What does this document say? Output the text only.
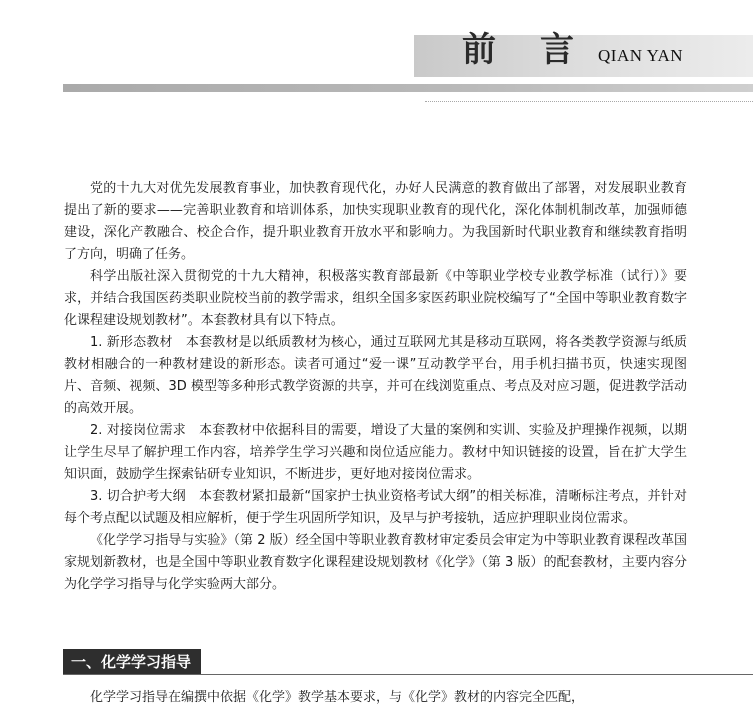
前言
QIAN YAN

党的十九大对优先发展教育事业，加快教育现代化，办好人民满意的教育做出了部署，对发展职业教育提出了新的要求——完善职业教育和培训体系，加快实现职业教育的现代化，深化体制机制改革，加强师德建设，深化产教融合、校企合作，提升职业教育开放水平和影响力。为我国新时代职业教育和继续教育指明了方向，明确了任务。

科学出版社深入贯彻党的十九大精神，积极落实教育部最新《中等职业学校专业教学标准（试行）》要求，并结合我国医药类职业院校当前的教学需求，组织全国多家医药职业院校编写了“全国中等职业教育数字化课程建设规划教材”。本套教材具有以下特点。

1. 新形态教材　本套教材是以纸质教材为核心，通过互联网尤其是移动互联网，将各类教学资源与纸质教材相融合的一种教材建设的新形态。读者可通过“爱一课”互动教学平台，用手机扫描书页，快速实现图片、音频、视频、3D 模型等多种形式教学资源的共享，并可在线浏览重点、考点及对应习题，促进教学活动的高效开展。

2. 对接岗位需求　本套教材中依据科目的需要，增设了大量的案例和实训、实验及护理操作视频，以期让学生尽早了解护理工作内容，培养学生学习兴趣和岗位适应能力。教材中知识链接的设置，旨在扩大学生知识面，鼓励学生探索钻研专业知识，不断进步，更好地对接岗位需求。

3. 切合护考大纲　本套教材紧扣最新“国家护士执业资格考试大纲”的相关标准，清晰标注考点，并针对每个考点配以试题及相应解析，便于学生巩固所学知识，及早与护考接轨，适应护理职业岗位需求。

《化学学习指导与实验》（第 2 版）经全国中等职业教育教材审定委员会审定为中等职业教育课程改革国家规划新教材，也是全国中等职业教育数字化课程建设规划教材《化学》（第 3 版）的配套教材，主要内容分为化学学习指导与化学实验两大部分。

一、化学学习指导

化学学习指导在编撰中依据《化学》教学基本要求，与《化学》教材的内容完全匹配，
